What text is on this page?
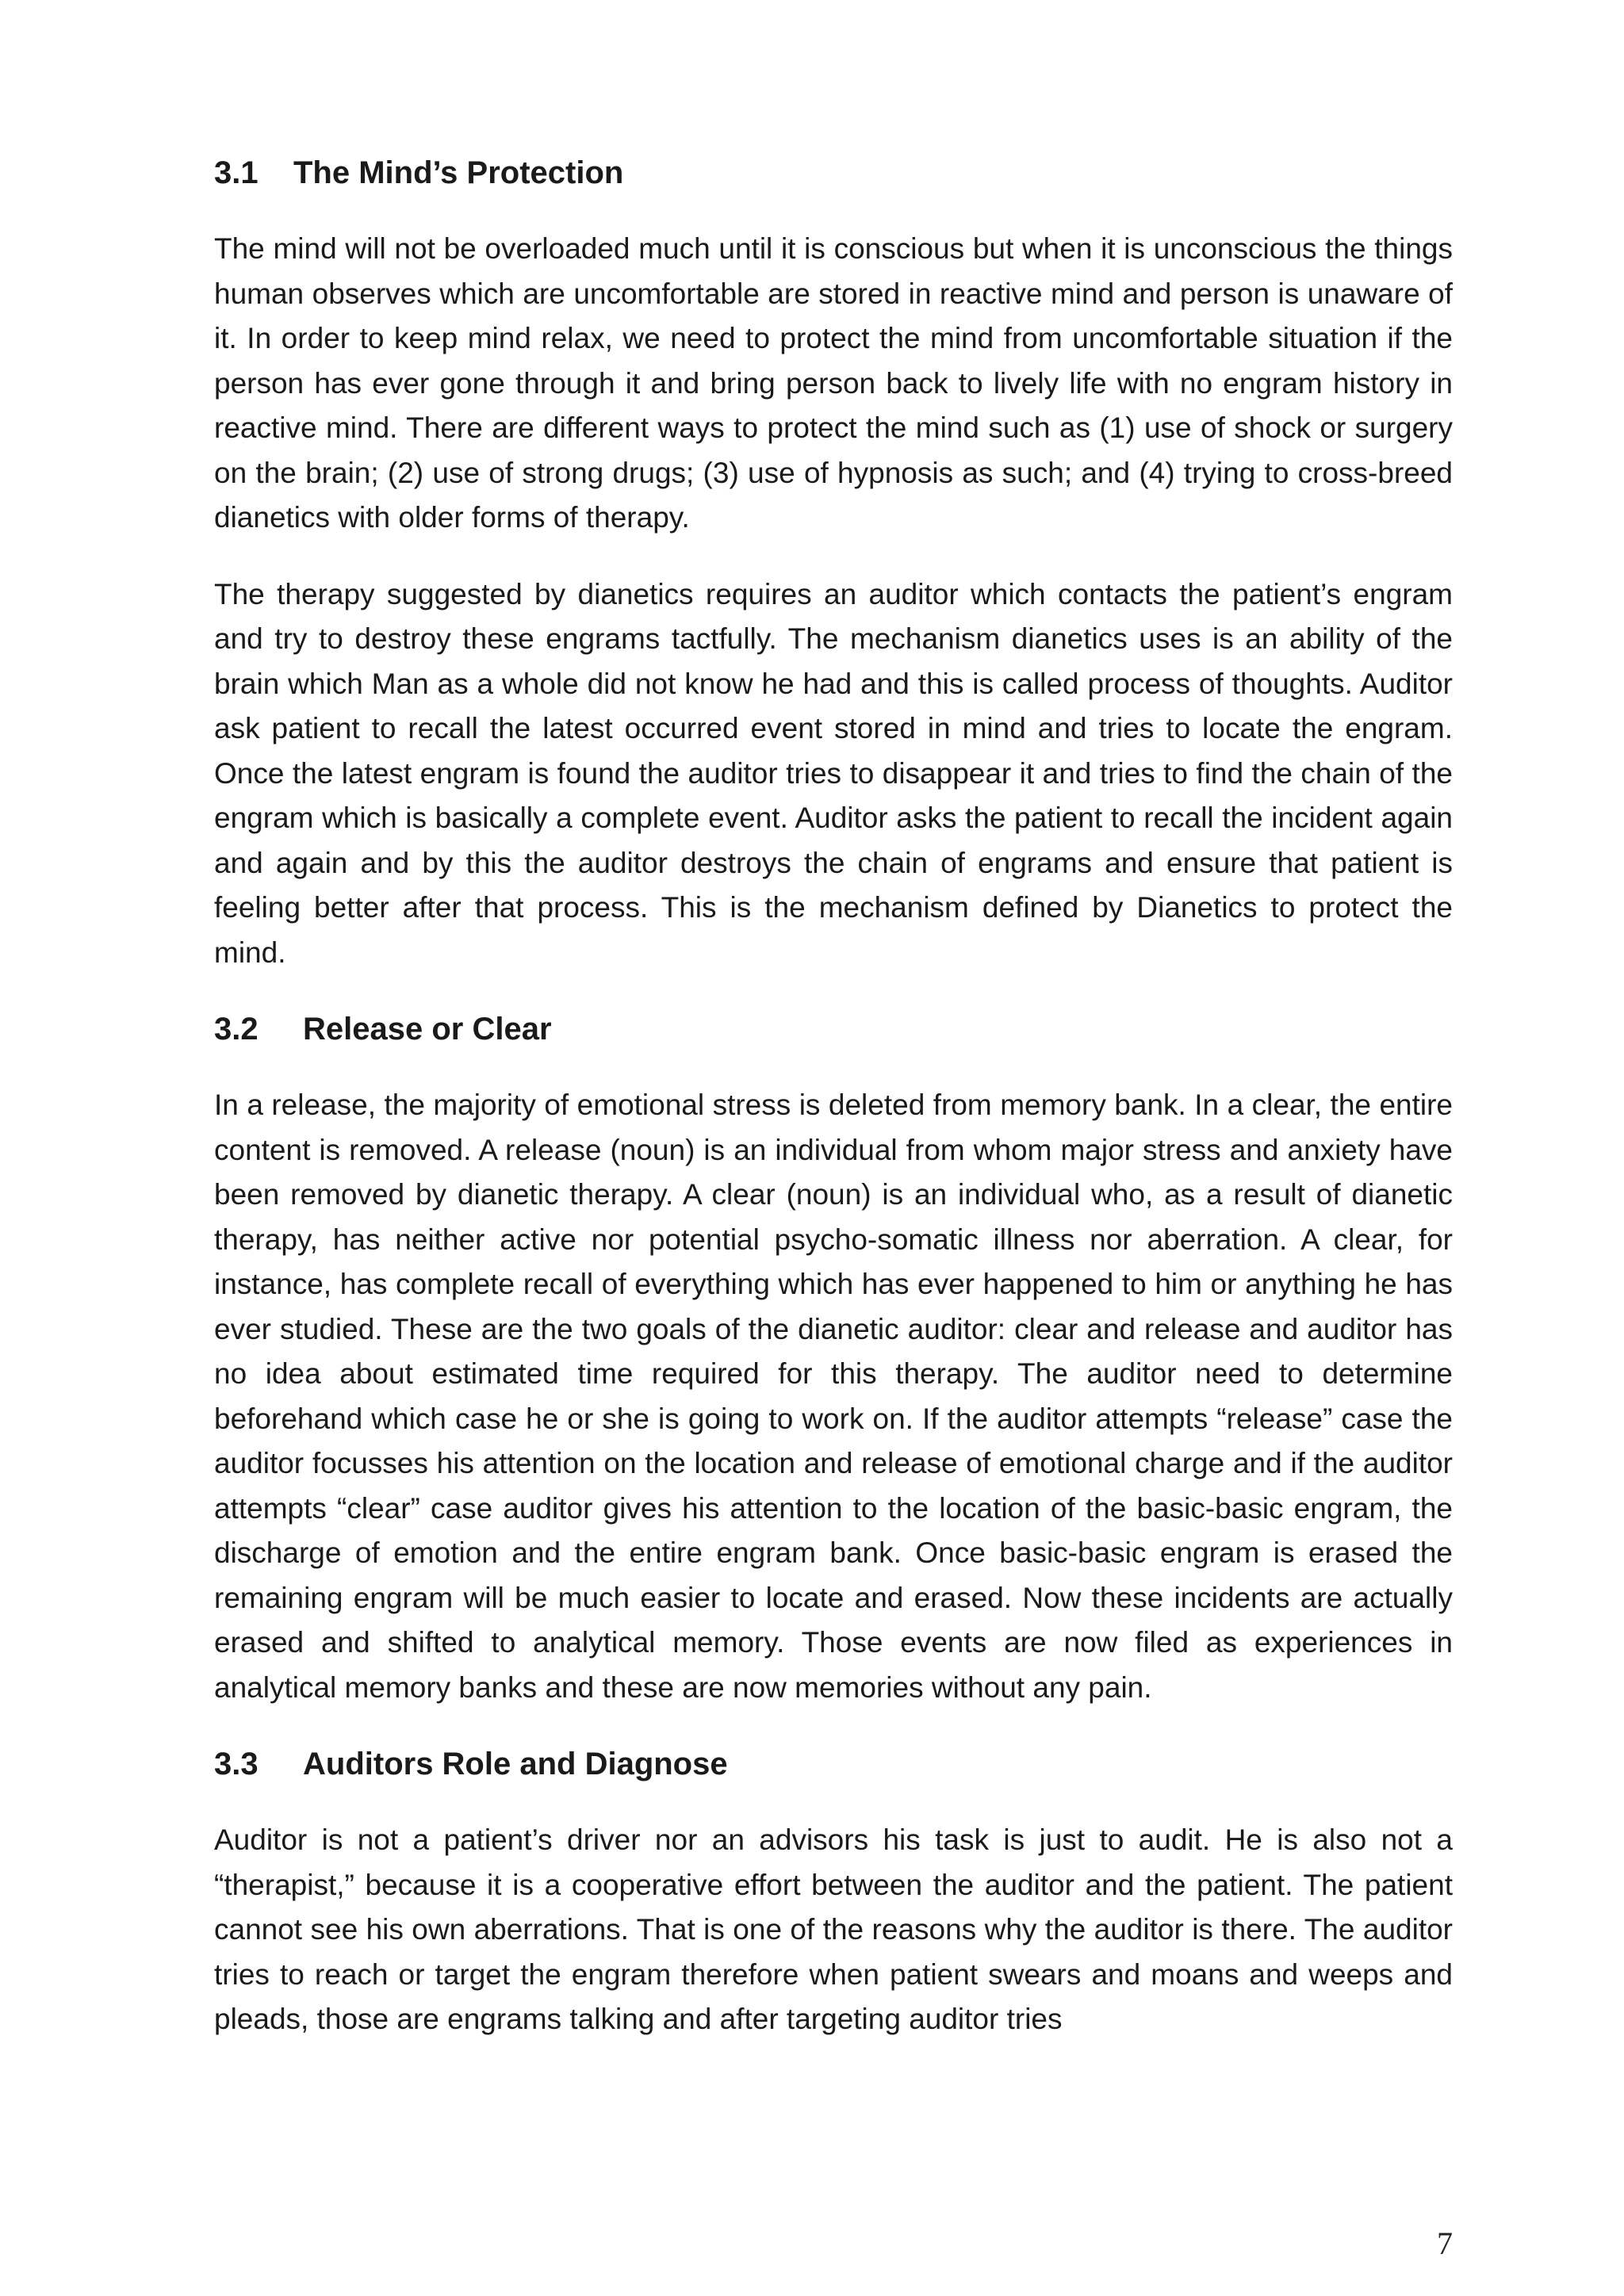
3.1	The Mind’s Protection

The mind will not be overloaded much until it is conscious but when it is unconscious the things human observes which are uncomfortable are stored in reactive mind and person is unaware of it. In order to keep mind relax, we need to protect the mind from uncomfortable situation if the person has ever gone through it and bring person back to lively life with no engram history in reactive mind. There are different ways to protect the mind such as (1) use of shock or surgery on the brain; (2) use of strong drugs; (3) use of hypnosis as such; and (4) trying to cross-breed dianetics with older forms of therapy.

The therapy suggested by dianetics requires an auditor which contacts the patient’s engram and try to destroy these engrams tactfully. The mechanism dianetics uses is an ability of the brain which Man as a whole did not know he had and this is called process of thoughts. Auditor ask patient to recall the latest occurred event stored in mind and tries to locate the engram. Once the latest engram is found the auditor tries to disappear it and tries to find the chain of the engram which is basically a complete event. Auditor asks the patient to recall the incident again and again and by this the auditor destroys the chain of engrams and ensure that patient is feeling better after that process. This is the mechanism defined by Dianetics to protect the mind.

3.2	Release or Clear

In a release, the majority of emotional stress is deleted from memory bank. In a clear, the entire content is removed. A release (noun) is an individual from whom major stress and anxiety have been removed by dianetic therapy. A clear (noun) is an individual who, as a result of dianetic therapy, has neither active nor potential psycho-somatic illness nor aberration. A clear, for instance, has complete recall of everything which has ever happened to him or anything he has ever studied. These are the two goals of the dianetic auditor: clear and release and auditor has no idea about estimated time required for this therapy. The auditor need to determine beforehand which case he or she is going to work on. If the auditor attempts “release” case the auditor focusses his attention on the location and release of emotional charge and if the auditor attempts “clear” case auditor gives his attention to the location of the basic-basic engram, the discharge of emotion and the entire engram bank. Once basic-basic engram is erased the remaining engram will be much easier to locate and erased. Now these incidents are actually erased and shifted to analytical memory. Those events are now filed as experiences in analytical memory banks and these are now memories without any pain.

3.3	Auditors Role and Diagnose

Auditor is not a patient’s driver nor an advisors his task is just to audit. He is also not a “therapist,” because it is a cooperative effort between the auditor and the patient. The patient cannot see his own aberrations. That is one of the reasons why the auditor is there. The auditor tries to reach or target the engram therefore when patient swears and moans and weeps and pleads, those are engrams talking and after targeting auditor tries

7
